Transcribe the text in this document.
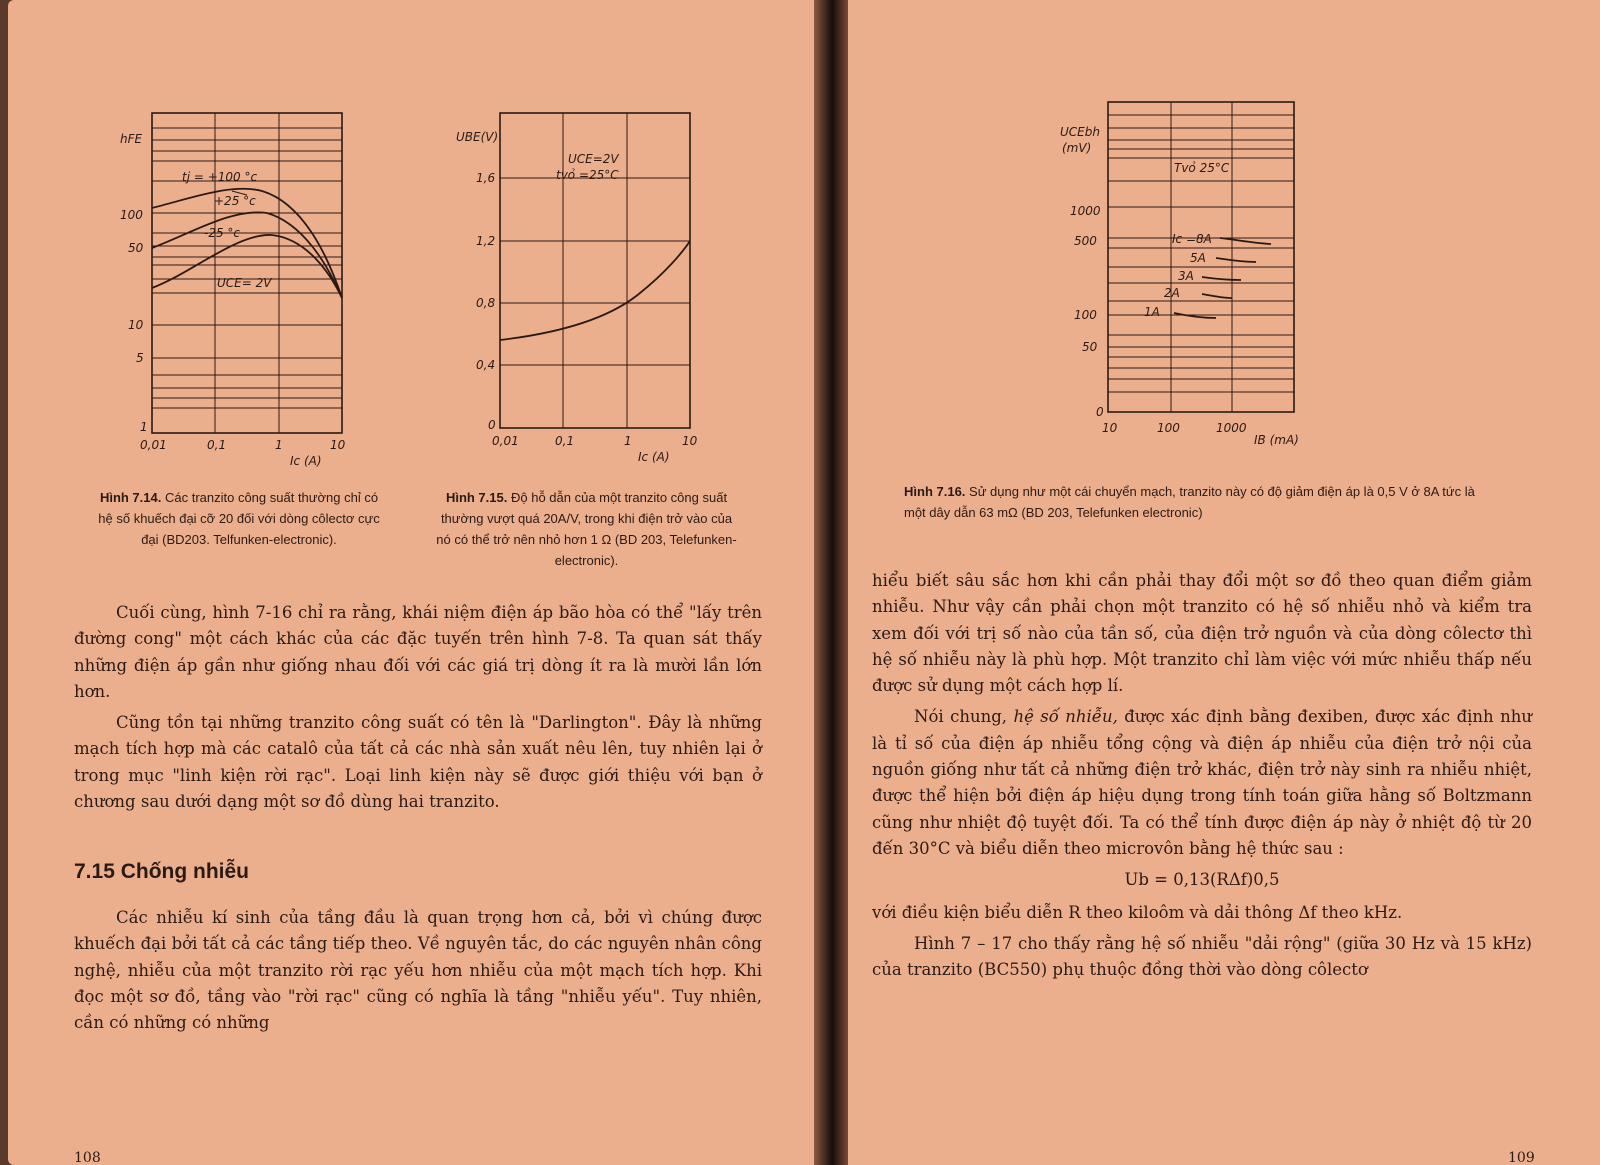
100
50
10
5
1
0,01	0,1	1	10
Ic (A)
hFE
tj = +100 °c
+25 °c
-25 °c
UCE= 2V
Hình 7.14. Các tranzito công suất thường chỉ có hệ số khuếch đại cỡ 20 đối với dòng côlectơ cực đại (BD203. Telfunken-electronic).
1,6
1,2
0,8
0,4
0
0,01	0,1	1	10
Ic (A)
UBE(V)
UCE=2V
tvỏ =25°C
Hình 7.15. Độ hỗ dẫn của một tranzito công suất thường vượt quá 20A/V, trong khi điện trở vào của nó có thể trở nên nhỏ hơn 1 Ω (BD 203, Telefunken-electronic).

Cuối cùng, hình 7-16 chỉ ra rằng, khái niệm điện áp bão hòa có thể "lấy trên đường cong" một cách khác của các đặc tuyến trên hình 7-8. Ta quan sát thấy những điện áp gần như giống nhau đối với các giá trị dòng ít ra là mười lần lớn hơn.

Cũng tồn tại những tranzito công suất có tên là "Darlington". Đây là những mạch tích hợp mà các catalô của tất cả các nhà sản xuất nêu lên, tuy nhiên lại ở trong mục "linh kiện rời rạc". Loại linh kiện này sẽ được giới thiệu với bạn ở chương sau dưới dạng một sơ đồ dùng hai tranzito.

7.15 Chống nhiễu

Các nhiễu kí sinh của tầng đầu là quan trọng hơn cả, bởi vì chúng được khuếch đại bởi tất cả các tầng tiếp theo. Về nguyên tắc, do các nguyên nhân công nghệ, nhiễu của một tranzito rời rạc yếu hơn nhiễu của một mạch tích hợp. Khi đọc một sơ đồ, tầng vào "rời rạc" cũng có nghĩa là tầng "nhiễu yếu". Tuy nhiên, cần có những có những

108
1000
500
100
50
0
10	100	1000
IB (mA)
UCEbh
(mV)
Tvỏ 25°C
Ic =8A
5A
3A
2A
1A
Hình 7.16. Sử dụng như một cái chuyển mạch, tranzito này có độ giảm điện áp là 0,5 V ở 8A tức là một dây dẫn 63 mΩ (BD 203, Telefunken electronic)

hiểu biết sâu sắc hơn khi cần phải thay đổi một sơ đồ theo quan điểm giảm nhiễu. Như vậy cần phải chọn một tranzito có hệ số nhiễu nhỏ và kiểm tra xem đối với trị số nào của tần số, của điện trở nguồn và của dòng côlectơ thì hệ số nhiễu này là phù hợp. Một tranzito chỉ làm việc với mức nhiễu thấp nếu được sử dụng một cách hợp lí.

Nói chung, hệ số nhiễu, được xác định bằng đexiben, được xác định như là tỉ số của điện áp nhiễu tổng cộng và điện áp nhiễu của điện trở nội của nguồn giống như tất cả những điện trở khác, điện trở này sinh ra nhiễu nhiệt, được thể hiện bởi điện áp hiệu dụng trong tính toán giữa hằng số Boltzmann cũng như nhiệt độ tuyệt đối. Ta có thể tính được điện áp này ở nhiệt độ từ 20 đến 30°C và biểu diễn theo microvôn bằng hệ thức sau :

Ub = 0,13(RΔf)0,5

với điều kiện biểu diễn R theo kiloôm và dải thông Δf theo kHz.

Hình 7 – 17 cho thấy rằng hệ số nhiễu "dải rộng" (giữa 30 Hz và 15 kHz) của tranzito (BC550) phụ thuộc đồng thời vào dòng côlectơ

109
